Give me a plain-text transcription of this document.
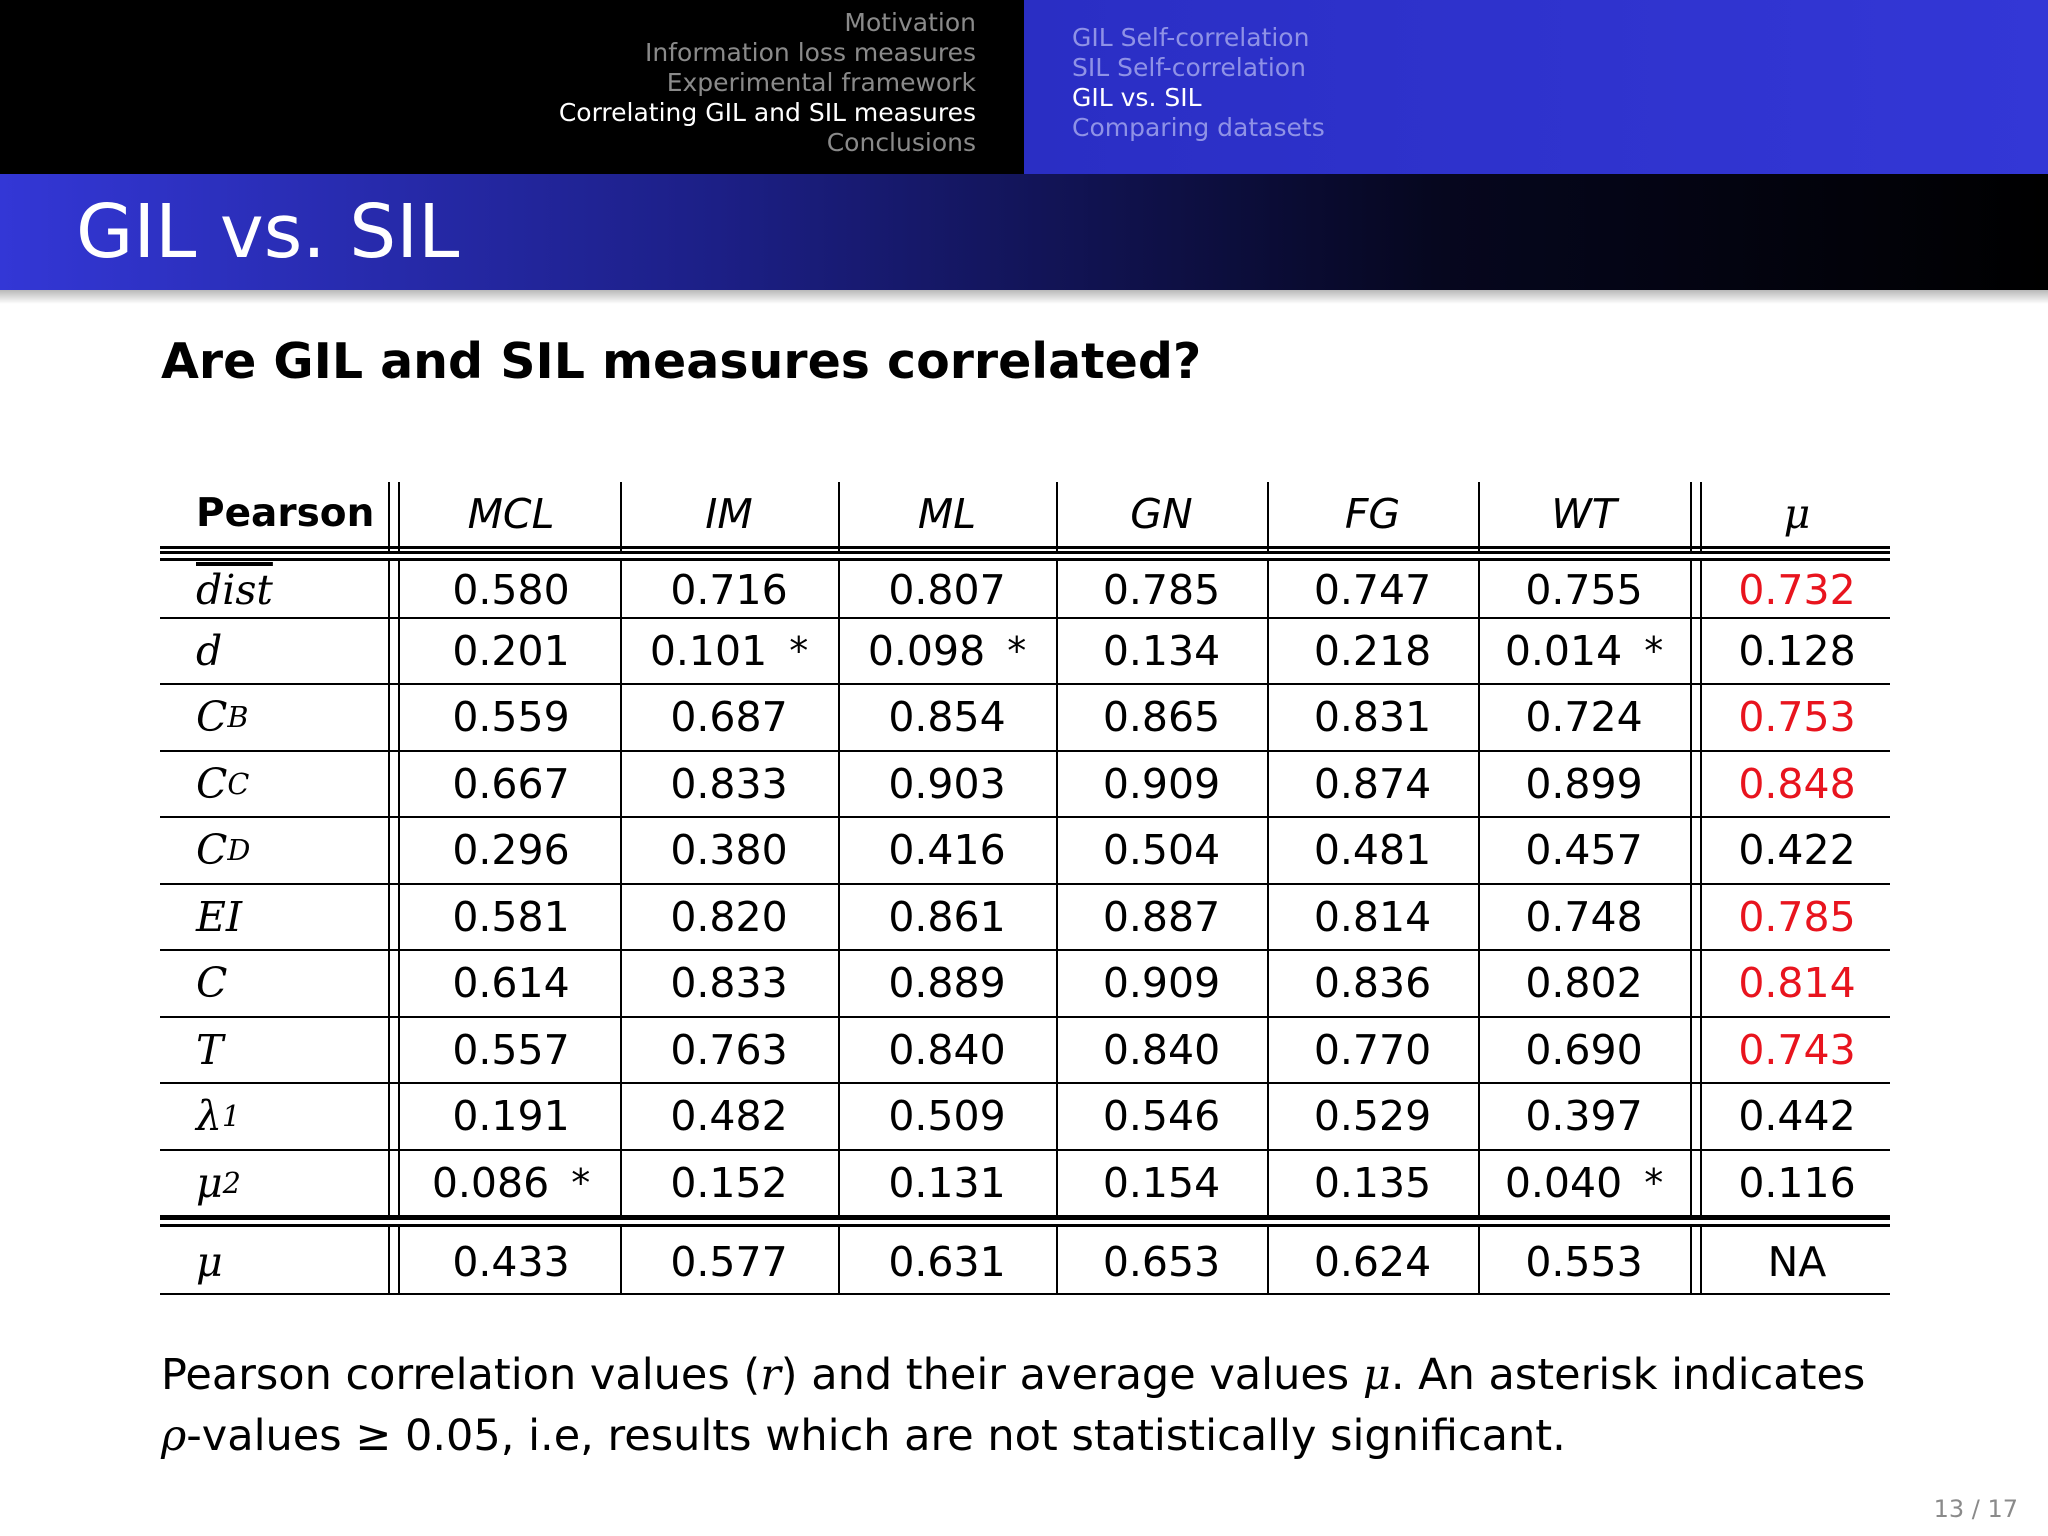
Motivation
Information loss measures
Experimental framework
Correlating GIL and SIL measures
Conclusions
GIL Self-correlation
SIL Self-correlation
GIL vs. SIL
Comparing datasets
GIL vs. SIL
Are GIL and SIL measures correlated?
Pearson	MCL	IM	ML	GN	FG	WT	μ
dist	0.580 0.716 0.807 0.785 0.747 0.755	0.732
d	0.201 0.101 * 0.098 * 0.134 0.218 0.014 *	0.128
C B	0.559 0.687 0.854 0.865 0.831 0.724	0.753
C C	0.667 0.833 0.903 0.909 0.874 0.899	0.848
C D	0.296 0.380 0.416 0.504 0.481 0.457	0.422
EI	0.581 0.820 0.861 0.887 0.814 0.748	0.785
C	0.614 0.833 0.889 0.909 0.836 0.802	0.814
T	0.557 0.763 0.840 0.840 0.770 0.690	0.743
λ 1	0.191 0.482 0.509 0.546 0.529 0.397	0.442
μ 2	0.086 * 0.152 0.131 0.154 0.135 0.040 *	0.116
μ	0.433	0.577	0.631	0.653	0.624	0.553	NA
Pearson correlation values (r) and their average values μ. An asterisk indicates
ρ-values ≥ 0.05, i.e, results which are not statistically significant.
13 / 17
